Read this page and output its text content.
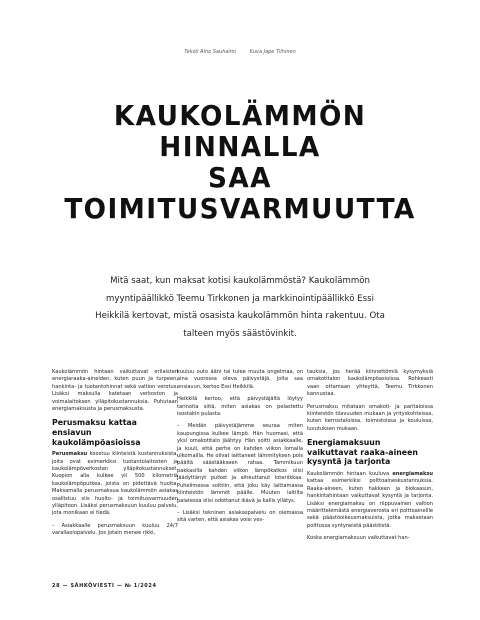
Teksti Aiho Sauhaimi	Kuva Jape Tiihinen
KAUKOLÄMMÖN
HINNALLA
SAA
TOIMITUSVARMUUTTA
Mitä saat, kun maksat kotisi kaukolämmöstä? Kaukolämmön myyntipäällikkö Teemu Tirkkonen ja markkinointipäällikkö Essi Heikkilä kertovat, mistä osasista kaukolämmön hinta rakentuu. Ota talteen myös säästövinkit.

Kaukolämmön hintaan vaikuttavat erilaisten energiaraaka-aineiden, kuten puun ja turpeen, hankinta- ja tuotantohinnat sekä valtion verotus. Lisäksi maksulla katetaan verkoston ja voimalaitoksen ylläpitokustannuksia. Puhutaan energiamaksusta ja perusmaksusta.

Perusmaksu kattaa ensiavun kaukolämpöasioissa

Perusmaksu koostuu kiinteistä kustannuksista, joita ovat esimerkiksi tuotantolaitosten ja kaukolämpöverkostan ylläpitokustannukset. Kuopion alla kulkee yli 500 kilometriä kaukolämpöputkea, joista on pidettävä huolta. Maksamalla perusmaksua kaukolämmön asiakas osallistuu siis huolto- ja toimitusvarmuuden ylläpitoon. Lisäksi perusmaksuun kuuluu palvelu, jota monikaan ei tiedä.

– Asiakkaalle perusmaksuun kuuluu 24/7 varallaolopalvelu. Jos jotain menee rikki,

kuuluu outo ääni tai tulee muuta ongelmaa, on aina vuorossa oleva päivystäjä, jolta saa ensiavun, kertoo Essi Heikkilä.

Heikkilä kertoo, että päivystäjältä löytyy tarinoita siitä, miten asiakas on pelastettu isostakin pulasta.

– Meidän päivystäjämme seuraa miten kaupungissa kulkee lämpö. Hän huomasi, että yksi omakotitalo jäähtyy. Hän soitti asiakkaalle, ja kuuli, että perhe on kahden viikon lomalla ulkomailla. He olivat laittaneet lämmityksen pois päältä säästääkseen rahaa. Tammikuun pakkasilla kahden viikon lämpökatkos olisi jäädyttänyt putket ja aiheuttanut loteriikkaa. Puhelimessa soittiin, että joku käy laittamassa kiinteistön lämmöt päälle. Muuten laitilta palatessa olisi odottanut ikävä ja kallis yllätys.

– Lisäksi tekninen asiakaspalvelu on olemassa sitä varten, että asiakas voisi ves-

tauksia, jos herää kiinnettömiä kysymyksiä omakotitalon kaukolämpöasioissa. Rohkeasti vaan ottamaan yhteyttä, Teemu Tirkkonen kannustaa.

Perusmaksu mitataan omakoti- ja paritaloissa kiinteistön tilavuuden mukaan ja yrityskohteissa, kuten kerrostaloissa, toimistoissa ja kouluissa, luvutuksen mukaan.

Energiamaksuun vaikuttavat raaka-aineen kysyntä ja tarjonta

Kaukolämmön hintaan kuuluva energiamaksu kattaa esimerkiksi polttoaineskustannuksia. Raaka-aineen, kuten hakkeen ja biokaasun, hankintahintaan vaikuttavat kysyntä ja tarjonta. Lisäksi energiamaksu on riippuvainen valtion määrittelemästä energiaverosta eri polttoaineille sekä päästöoikeusmaksuista, jotka maksetaan polttossa syntyneistä päästöistä.

Koska energiamaksuun vaikuttavat han-

28 — SÄHKÖVIESTI — № 1/2024
